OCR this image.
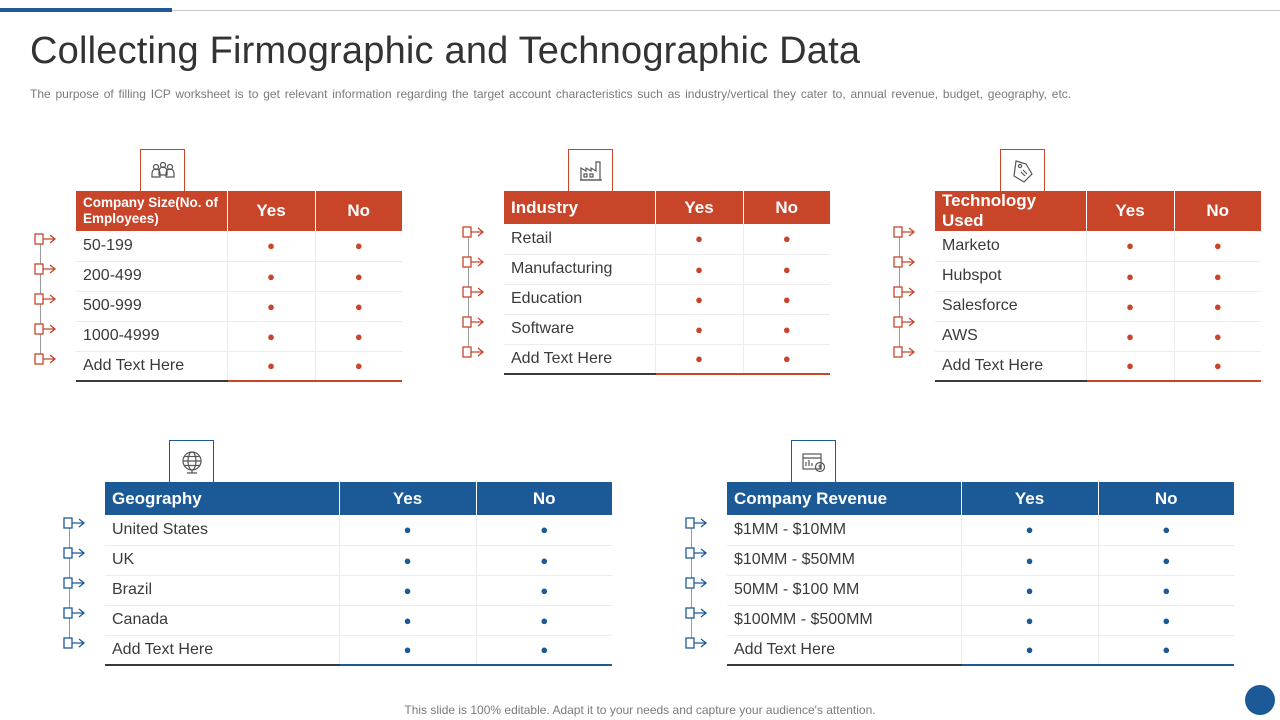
Collecting Firmographic and Technographic Data

The purpose of filling ICP worksheet is to get relevant information regarding the target account characteristics such as industry/vertical they cater to, annual revenue, budget, geography, etc.

Company Size(No. of Employees)	Yes	No
50-199	●	●
200-499	●	●
500-999	●	●
1000-4999	●	●
Add Text Here	●	●
Industry	Yes	No
Retail	●	●
Manufacturing	●	●
Education	●	●
Software	●	●
Add Text Here	●	●
Technology Used	Yes	No
Marketo	●	●
Hubspot	●	●
Salesforce	●	●
AWS	●	●
Add Text Here	●	●
Geography	Yes	No
United States	●	●
UK	●	●
Brazil	●	●
Canada	●	●
Add Text Here	●	●
Company Revenue	Yes	No
$1MM - $10MM	●	●
$10MM - $50MM	●	●
50MM - $100 MM	●	●
$100MM - $500MM	●	●
Add Text Here	●	●
This slide is 100% editable. Adapt it to your needs and capture your audience's attention.
